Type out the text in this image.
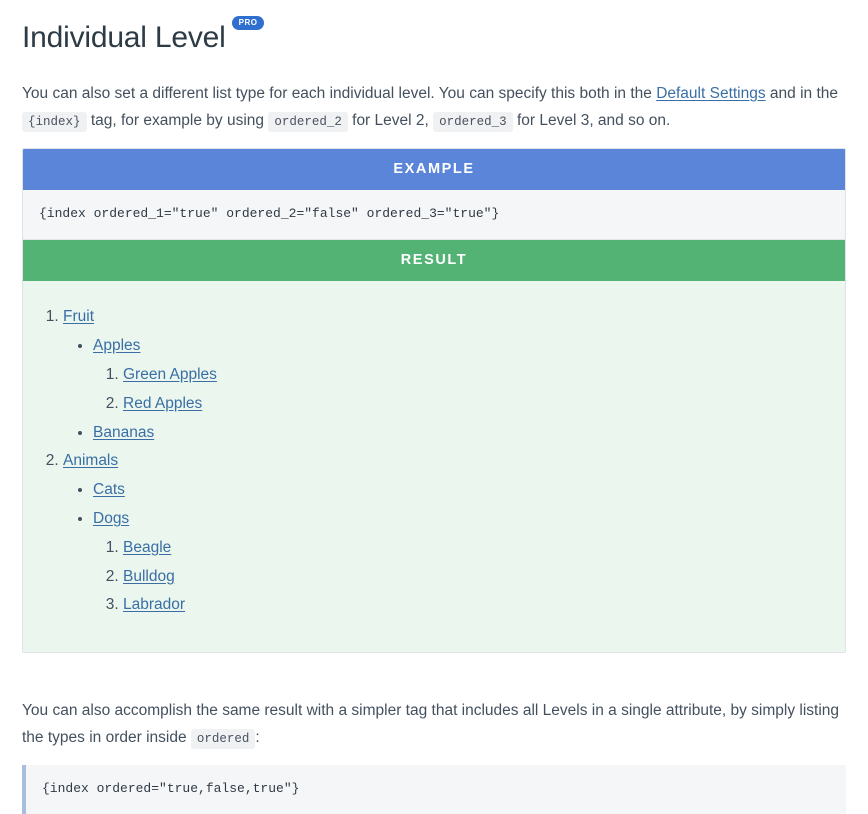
Individual Level	PRO

You can also set a different list type for each individual level. You can specify this both in the Default Settings and in the {index} tag, for example by using ordered_2 for Level 2, ordered_3 for Level 3, and so on.

EXAMPLE
{index ordered_1="true" ordered_2="false" ordered_3="true"}
RESULT
1. Fruit
• Apples
1. Green Apples
2. Red Apples
• Bananas
2. Animals
• Cats
• Dogs
1. Beagle
2. Bulldog
3. Labrador

You can also accomplish the same result with a simpler tag that includes all Levels in a single attribute, by simply listing the types in order inside ordered :

{index ordered="true,false,true"}
